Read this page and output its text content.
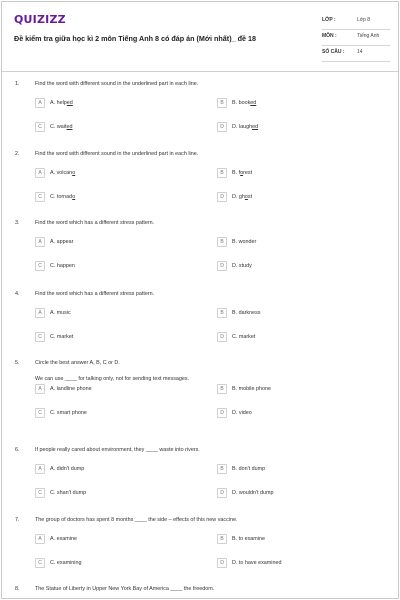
QUIZIZZ
Đề kiểm tra giữa học kì 2 môn Tiếng Anh 8 có đáp án (Mới nhất)_ đề 18
LỚP :	Lớp 8
MÔN :	Tiếng Anh
SỐ CÂU :	14
1.	Find the word with different sound in the underlined part in each line.
A	A. helped	B	B. booked
C	C. waited	D	D. laughed
2.	Find the word with different sound in the underlined part in each line.
A	A. volcano	B	B. forest
C	C. tornado	D	D. ghost
3.	Find the word which has a different stress pattern.
A	A. appear	B	B. wonder
C	C. happen	D	D. study
4.	Find the word which has a different stress pattern.
A	A. music	B	B. darkness
C	C. market	D	C. market
5.	Circle the best answer A, B, C or D.
We can use ____ for talking only, not for sending text messages.
A	A. landline phone	B	B. mobile phone
C	C. smart phone	D	D. video
6.	If people really cared about environment, they ____ waste into rivers.
A	A. didn't dump	B	B. don't dump
C	C. shan't dump	D	D. wouldn't dump
7.	The group of doctors has spent 8 months ____ the side – effects of this new vaccine.
A	A. examine	B	B. to examine
C	C. examining	D	D. to have examined
8.	The Statue of Liberty in Upper New York Bay of America ____ the freedom.
